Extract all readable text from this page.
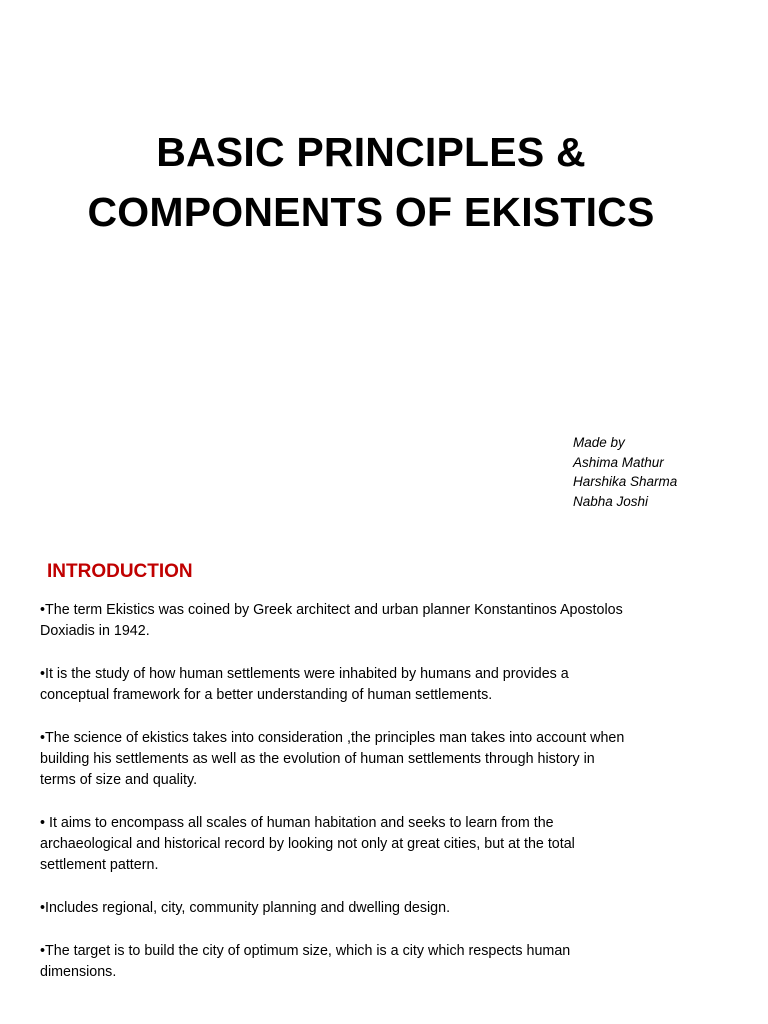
BASIC PRINCIPLES &
COMPONENTS OF EKISTICS
Made by
Ashima Mathur
Harshika Sharma
Nabha Joshi
INTRODUCTION

•The term Ekistics was coined by Greek architect and urban planner Konstantinos Apostolos
Doxiadis in 1942.

•It is the study of how human settlements were inhabited by humans and provides a
conceptual framework for a better understanding of human settlements.

•The science of ekistics takes into consideration ,the principles man takes into account when
building his settlements as well as the evolution of human settlements through history in
terms of size and quality.

• It aims to encompass all scales of human habitation and seeks to learn from the
archaeological and historical record by looking not only at great cities, but at the total
settlement pattern.

•Includes regional, city, community planning and dwelling design.

•The target is to build the city of optimum size, which is a city which respects human
dimensions.
